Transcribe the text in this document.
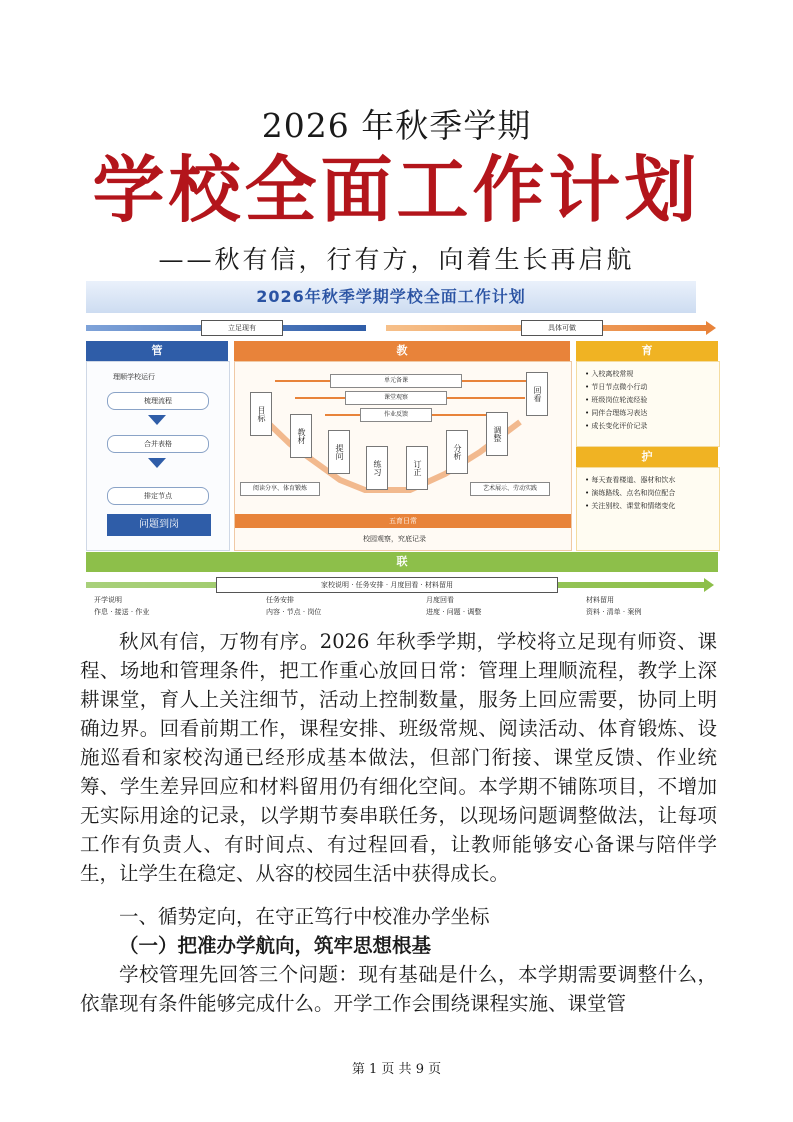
2026 年秋季学期
学校全面工作计划
——秋有信，行有方，向着生长再启航
2026年秋季学期学校全面工作计划
立足现有	具体可做
管
理顺学校运行
梳理流程
合并表格
排定节点
问题到岗
教
单元备课
课堂观察
作业反馈
目标
教材
提问
练习	订正
分析
调整
回看
阅读分享、体育锻炼	艺术展示、劳动实践
五育日常
校园观察，究底记录
育
• 入校离校常规
• 节日节点微小行动
• 班级岗位轮流经验
• 同伴合理练习表达
• 成长变化评价记录
护
• 每天查看楼道、器材和饮水
• 演练路线、点名和岗位配合
• 关注别校、课堂和情绪变化
联
家校说明 · 任务安排 · 月度回看 · 材料留用
开学说明
作息 · 接送 · 作业
任务安排
内容 · 节点 · 岗位
月度回看
进度 · 问题 · 调整
材料留用
资料 · 清单 · 案例

秋风有信，万物有序。2026 年秋季学期，学校将立足现有师资、课程、场地和管理条件，把工作重心放回日常：管理上理顺流程，教学上深耕课堂，育人上关注细节，活动上控制数量，服务上回应需要，协同上明确边界。回看前期工作，课程安排、班级常规、阅读活动、体育锻炼、设施巡看和家校沟通已经形成基本做法，但部门衔接、课堂反馈、作业统筹、学生差异回应和材料留用仍有细化空间。本学期不铺陈项目，不增加无实际用途的记录，以学期节奏串联任务，以现场问题调整做法，让每项工作有负责人、有时间点、有过程回看，让教师能够安心备课与陪伴学生，让学生在稳定、从容的校园生活中获得成长。

一、循势定向，在守正笃行中校准办学坐标

（一）把准办学航向，筑牢思想根基

学校管理先回答三个问题：现有基础是什么，本学期需要调整什么，依靠现有条件能够完成什么。开学工作会围绕课程实施、课堂管

第 1 页 共 9 页
